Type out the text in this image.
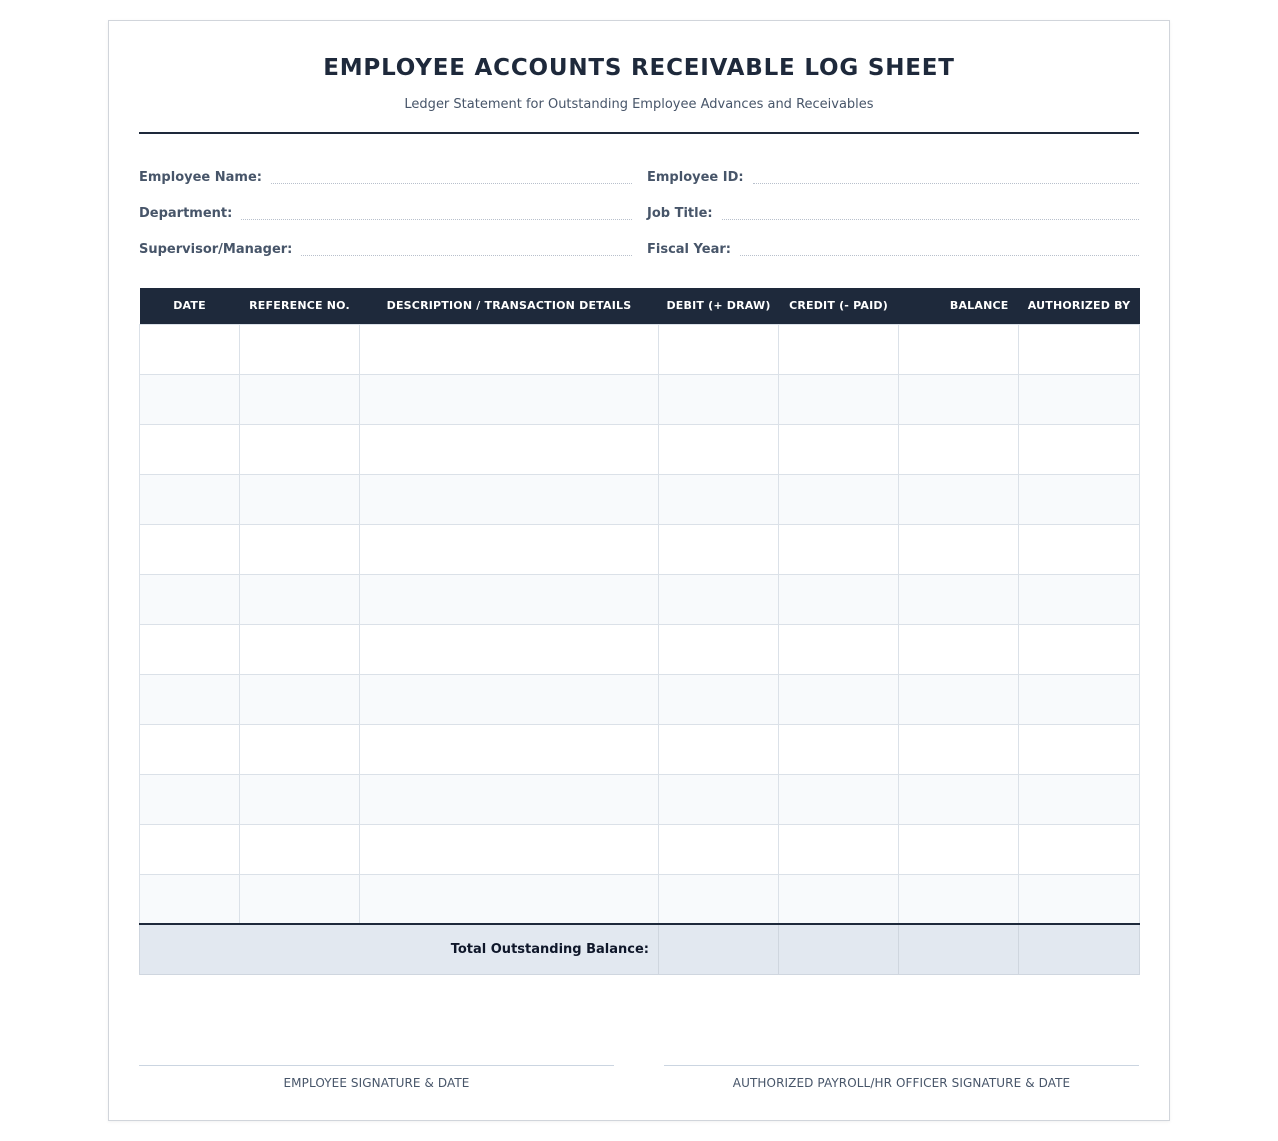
EMPLOYEE ACCOUNTS RECEIVABLE LOG SHEET
Ledger Statement for Outstanding Employee Advances and Receivables
Employee Name:	Employee ID:
Department:	Job Title:
Supervisor/Manager:	Fiscal Year:
DATE	REFERENCE NO.	DESCRIPTION / TRANSACTION DETAILS	DEBIT (+ DRAW)	CREDIT (- PAID)	BALANCE	AUTHORIZED BY

Total Outstanding Balance:						
EMPLOYEE SIGNATURE & DATE	AUTHORIZED PAYROLL/HR OFFICER SIGNATURE & DATE
